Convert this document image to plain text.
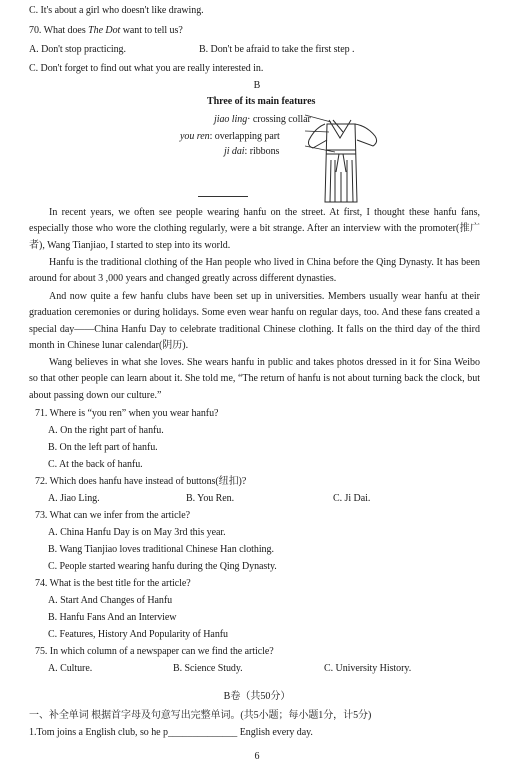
C. It's about a girl who doesn't like drawing.
70. What does The Dot want to tell us?
A. Don't stop practicing.	B. Don't be afraid to take the first step .
C. Don't forget to find out what you are really interested in.
B
Three of its main features
jiao ling· crossing collar
you ren: overlapping part
ji dai: ribbons
In recent years, we often see people wearing hanfu on the street. At first, I thought these hanfu fans, especially those who wore the clothing regularly, were a bit strange. After an interview with the promoter(推广者), Wang Tianjiao, I started to step into its world.
Hanfu is the traditional clothing of the Han people who lived in China before the Qing Dynasty. It has been around for about 3 ,000 years and changed greatly across different dynasties.
And now quite a few hanfu clubs have been set up in universities. Members usually wear hanfu at their graduation ceremonies or during holidays. Some even wear hanfu on regular days, too. And these fans created a special day——China Hanfu Day to celebrate traditional Chinese clothing. It falls on the third day of the third month in Chinese lunar calendar(阴历).
Wang believes in what she loves. She wears hanfu in public and takes photos dressed in it for Sina Weibo so that other people can learn about it. She told me, “The return of hanfu is not about turning back the clock, but about passing down our culture.”
71. Where is “you ren” when you wear hanfu?
A. On the right part of hanfu.
B. On the left part of hanfu.
C. At the back of hanfu.
72. Which does hanfu have instead of buttons(纽扣)?
A. Jiao Ling.	B. You Ren.	C. Ji Dai.
73. What can we infer from the article?
A. China Hanfu Day is on May 3rd this year.
B. Wang Tianjiao loves traditional Chinese Han clothing.
C. People started wearing hanfu during the Qing Dynasty.
74. What is the best title for the article?
A. Start And Changes of Hanfu
B. Hanfu Fans And an Interview
C. Features, History And Popularity of Hanfu
75. In which column of a newspaper can we find the article?
A. Culture.	B. Science Study.	C. University History.
B卷（共50分）
一、补全单词 根据首字母及句意写出完整单词。(共5小题；每小题1分，计5分)
1.Tom joins a English club, so he p______________ English every day.
6
